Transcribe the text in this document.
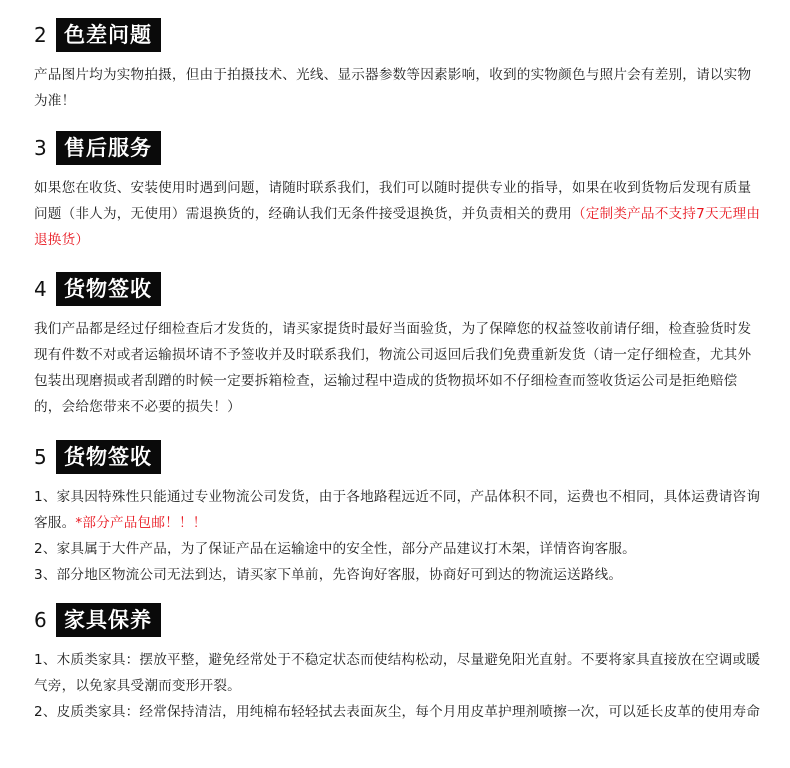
2 色差问题

产品图片均为实物拍摄，但由于拍摄技术、光线、显示器参数等因素影响，收到的实物颜色与照片会有差别，请以实物为准！

3 售后服务

如果您在收货、安装使用时遇到问题，请随时联系我们，我们可以随时提供专业的指导，如果在收到货物后发现有质量问题（非人为，无使用）需退换货的，经确认我们无条件接受退换货，并负责相关的费用（定制类产品不支持7天无理由退换货）

4 货物签收

我们产品都是经过仔细检查后才发货的，请买家提货时最好当面验货，为了保障您的权益签收前请仔细，检查验货时发现有件数不对或者运输损坏请不予签收并及时联系我们，物流公司返回后我们免费重新发货（请一定仔细检查，尤其外包装出现磨损或者刮蹭的时候一定要拆箱检查，运输过程中造成的货物损坏如不仔细检查而签收货运公司是拒绝赔偿的，会给您带来不必要的损失！）

5 货物签收

1、家具因特殊性只能通过专业物流公司发货，由于各地路程远近不同，产品体积不同，运费也不相同，具体运费请咨询客服。*部分产品包邮！！！

2、家具属于大件产品，为了保证产品在运输途中的安全性，部分产品建议打木架，详情咨询客服。

3、部分地区物流公司无法到达，请买家下单前，先咨询好客服，协商好可到达的物流运送路线。

6 家具保养

1、木质类家具：摆放平整，避免经常处于不稳定状态而使结构松动，尽量避免阳光直射。不要将家具直接放在空调或暖气旁，以免家具受潮而变形开裂。

2、皮质类家具：经常保持清洁，用纯棉布轻轻拭去表面灰尘，每个月用皮革护理剂喷擦一次，可以延长皮革的使用寿命
